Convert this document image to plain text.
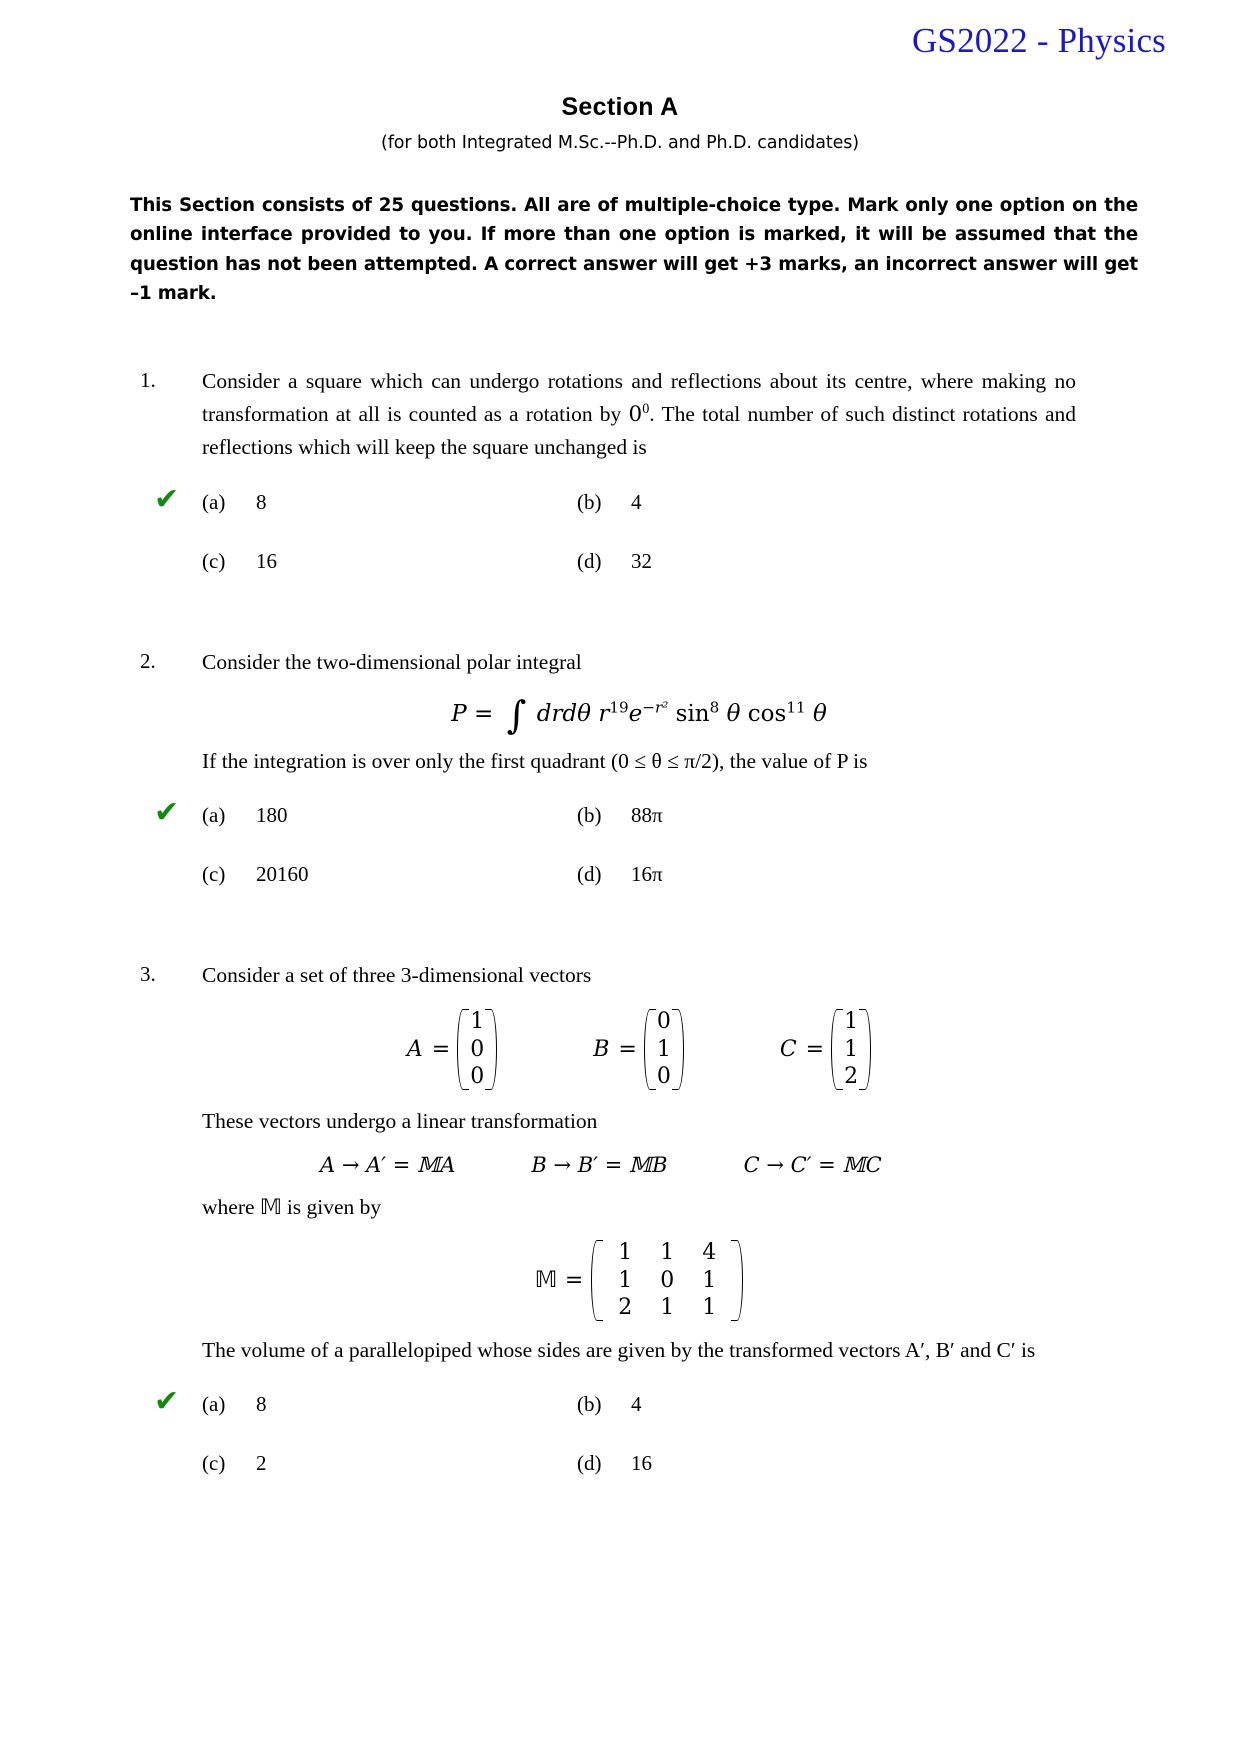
GS2022 - Physics
Section A
(for both Integrated M.Sc.--Ph.D. and Ph.D. candidates)
This Section consists of 25 questions. All are of multiple-choice type. Mark only one option on the online interface provided to you. If more than one option is marked, it will be assumed that the question has not been attempted. A correct answer will get +3 marks, an incorrect answer will get –1 mark.
1.	Consider a square which can undergo rotations and reflections about its centre, where making no transformation at all is counted as a rotation by $0^0$. The total number of such distinct rotations and reflections which will keep the square unchanged is
✔ (a)	8	(b)	4
(c)	16	(d)	32
2.	Consider the two-dimensional polar integral
P = ∫ drdθ $r^{19}e^{-r^2}$ $\sin^8 \theta$ $\cos^{11} \theta$
If the integration is over only the first quadrant (0 ≤ θ ≤ π/2), the value of P is
✔ (a)	180	(b)	88π
(c)	20160	(d)	16π
3.	Consider a set of three 3-dimensional vectors
A =
1
0
0
B =
0
1
0
C =
1
1
2
These vectors undergo a linear transformation
A → A′ = 𝕄A	B → B′ = 𝕄B	C → C′ = 𝕄C
where 𝕄 is given by
𝕄 =
1	1	4
1	0	1
2	1	1
The volume of a parallelopiped whose sides are given by the transformed vectors A′, B′ and C′ is
✔ (a)	8	(b)	4
(c)	2	(d)	16
